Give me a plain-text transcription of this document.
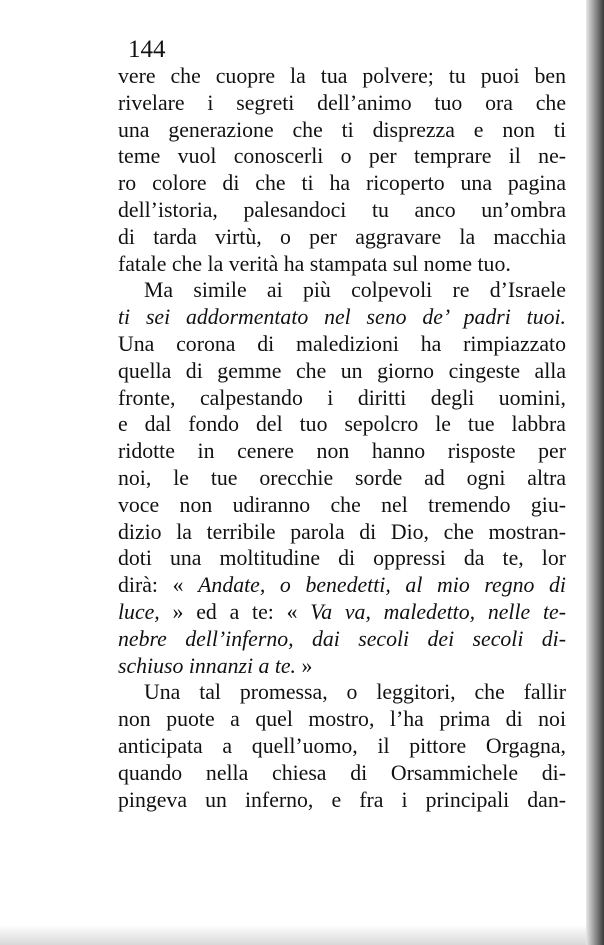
144
vere che cuopre la tua polvere; tu puoi ben
rivelare i segreti dell’animo tuo ora che
una generazione che ti disprezza e non ti
teme vuol conoscerli o per temprare il ne-
ro colore di che ti ha ricoperto una pagina
dell’istoria, palesandoci tu anco un’ombra
di tarda virtù, o per aggravare la macchia
fatale che la verità ha stampata sul nome tuo.
Ma simile ai più colpevoli re d’Israele
ti sei addormentato nel seno de’ padri tuoi.
Una corona di maledizioni ha rimpiazzato
quella di gemme che un giorno cingeste alla
fronte, calpestando i diritti degli uomini,
e dal fondo del tuo sepolcro le tue labbra
ridotte in cenere non hanno risposte per
noi, le tue orecchie sorde ad ogni altra
voce non udiranno che nel tremendo giu-
dizio la terribile parola di Dio, che mostran-
doti una moltitudine di oppressi da te, lor
dirà: « Andate, o benedetti, al mio regno di
luce, » ed a te: « Va va, maledetto, nelle te-
nebre dell’inferno, dai secoli dei secoli di-
schiuso innanzi a te. »
Una tal promessa, o leggitori, che fallir
non puote a quel mostro, l’ha prima di noi
anticipata a quell’uomo, il pittore Orgagna,
quando nella chiesa di Orsammichele di-
pingeva un inferno, e fra i principali dan-
